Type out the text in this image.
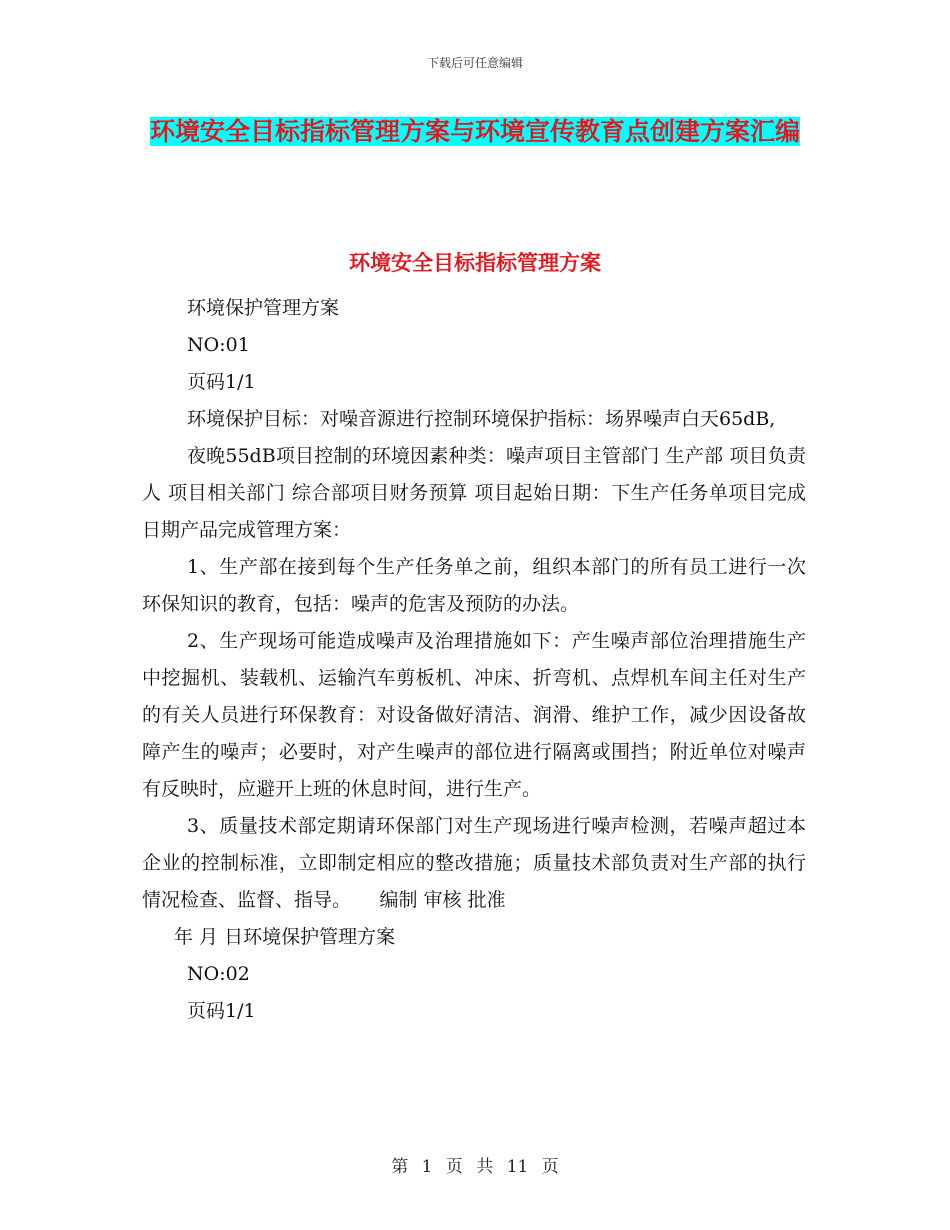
下载后可任意编辑
环境安全目标指标管理方案与环境宣传教育点创建方案汇编
环境安全目标指标管理方案

环境保护管理方案

NO:01

页码1/1

环境保护目标：对噪音源进行控制环境保护指标：场界噪声白天65dB,

夜晚55dB项目控制的环境因素种类：噪声项目主管部门 生产部 项目负责人 项目相关部门 综合部项目财务预算 项目起始日期：下生产任务单项目完成日期产品完成管理方案：

1、生产部在接到每个生产任务单之前，组织本部门的所有员工进行一次环保知识的教育，包括：噪声的危害及预防的办法。

2、生产现场可能造成噪声及治理措施如下：产生噪声部位治理措施生产中挖掘机、装载机、运输汽车剪板机、冲床、折弯机、点焊机车间主任对生产的有关人员进行环保教育：对设备做好清洁、润滑、维护工作，减少因设备故障产生的噪声；必要时，对产生噪声的部位进行隔离或围挡；附近单位对噪声有反映时，应避开上班的休息时间，进行生产。

3、质量技术部定期请环保部门对生产现场进行噪声检测，若噪声超过本企业的控制标准，立即制定相应的整改措施；质量技术部负责对生产部的执行情况检查、监督、指导。　　编制 审核 批准

年 月 日环境保护管理方案

NO:02

页码1/1

第 1 页 共 11 页
